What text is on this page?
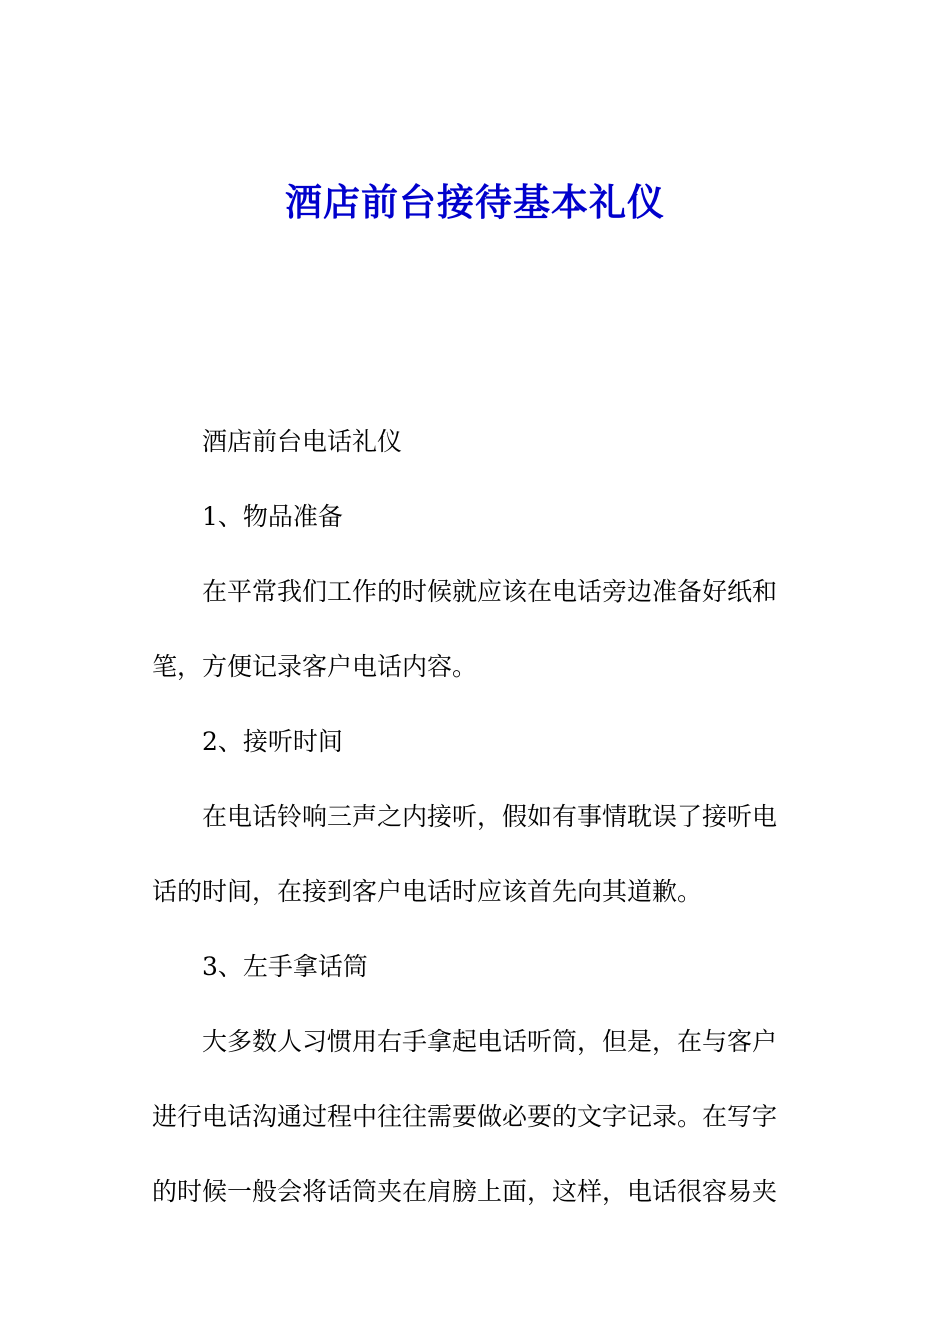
酒店前台接待基本礼仪

酒店前台电话礼仪

1、物品准备

在平常我们工作的时候就应该在电话旁边准备好纸和
笔，方便记录客户电话内容。

2、接听时间

在电话铃响三声之内接听，假如有事情耽误了接听电
话的时间，在接到客户电话时应该首先向其道歉。

3、左手拿话筒

大多数人习惯用右手拿起电话听筒，但是，在与客户
进行电话沟通过程中往往需要做必要的文字记录。在写字
的时候一般会将话筒夹在肩膀上面，这样，电话很容易夹
